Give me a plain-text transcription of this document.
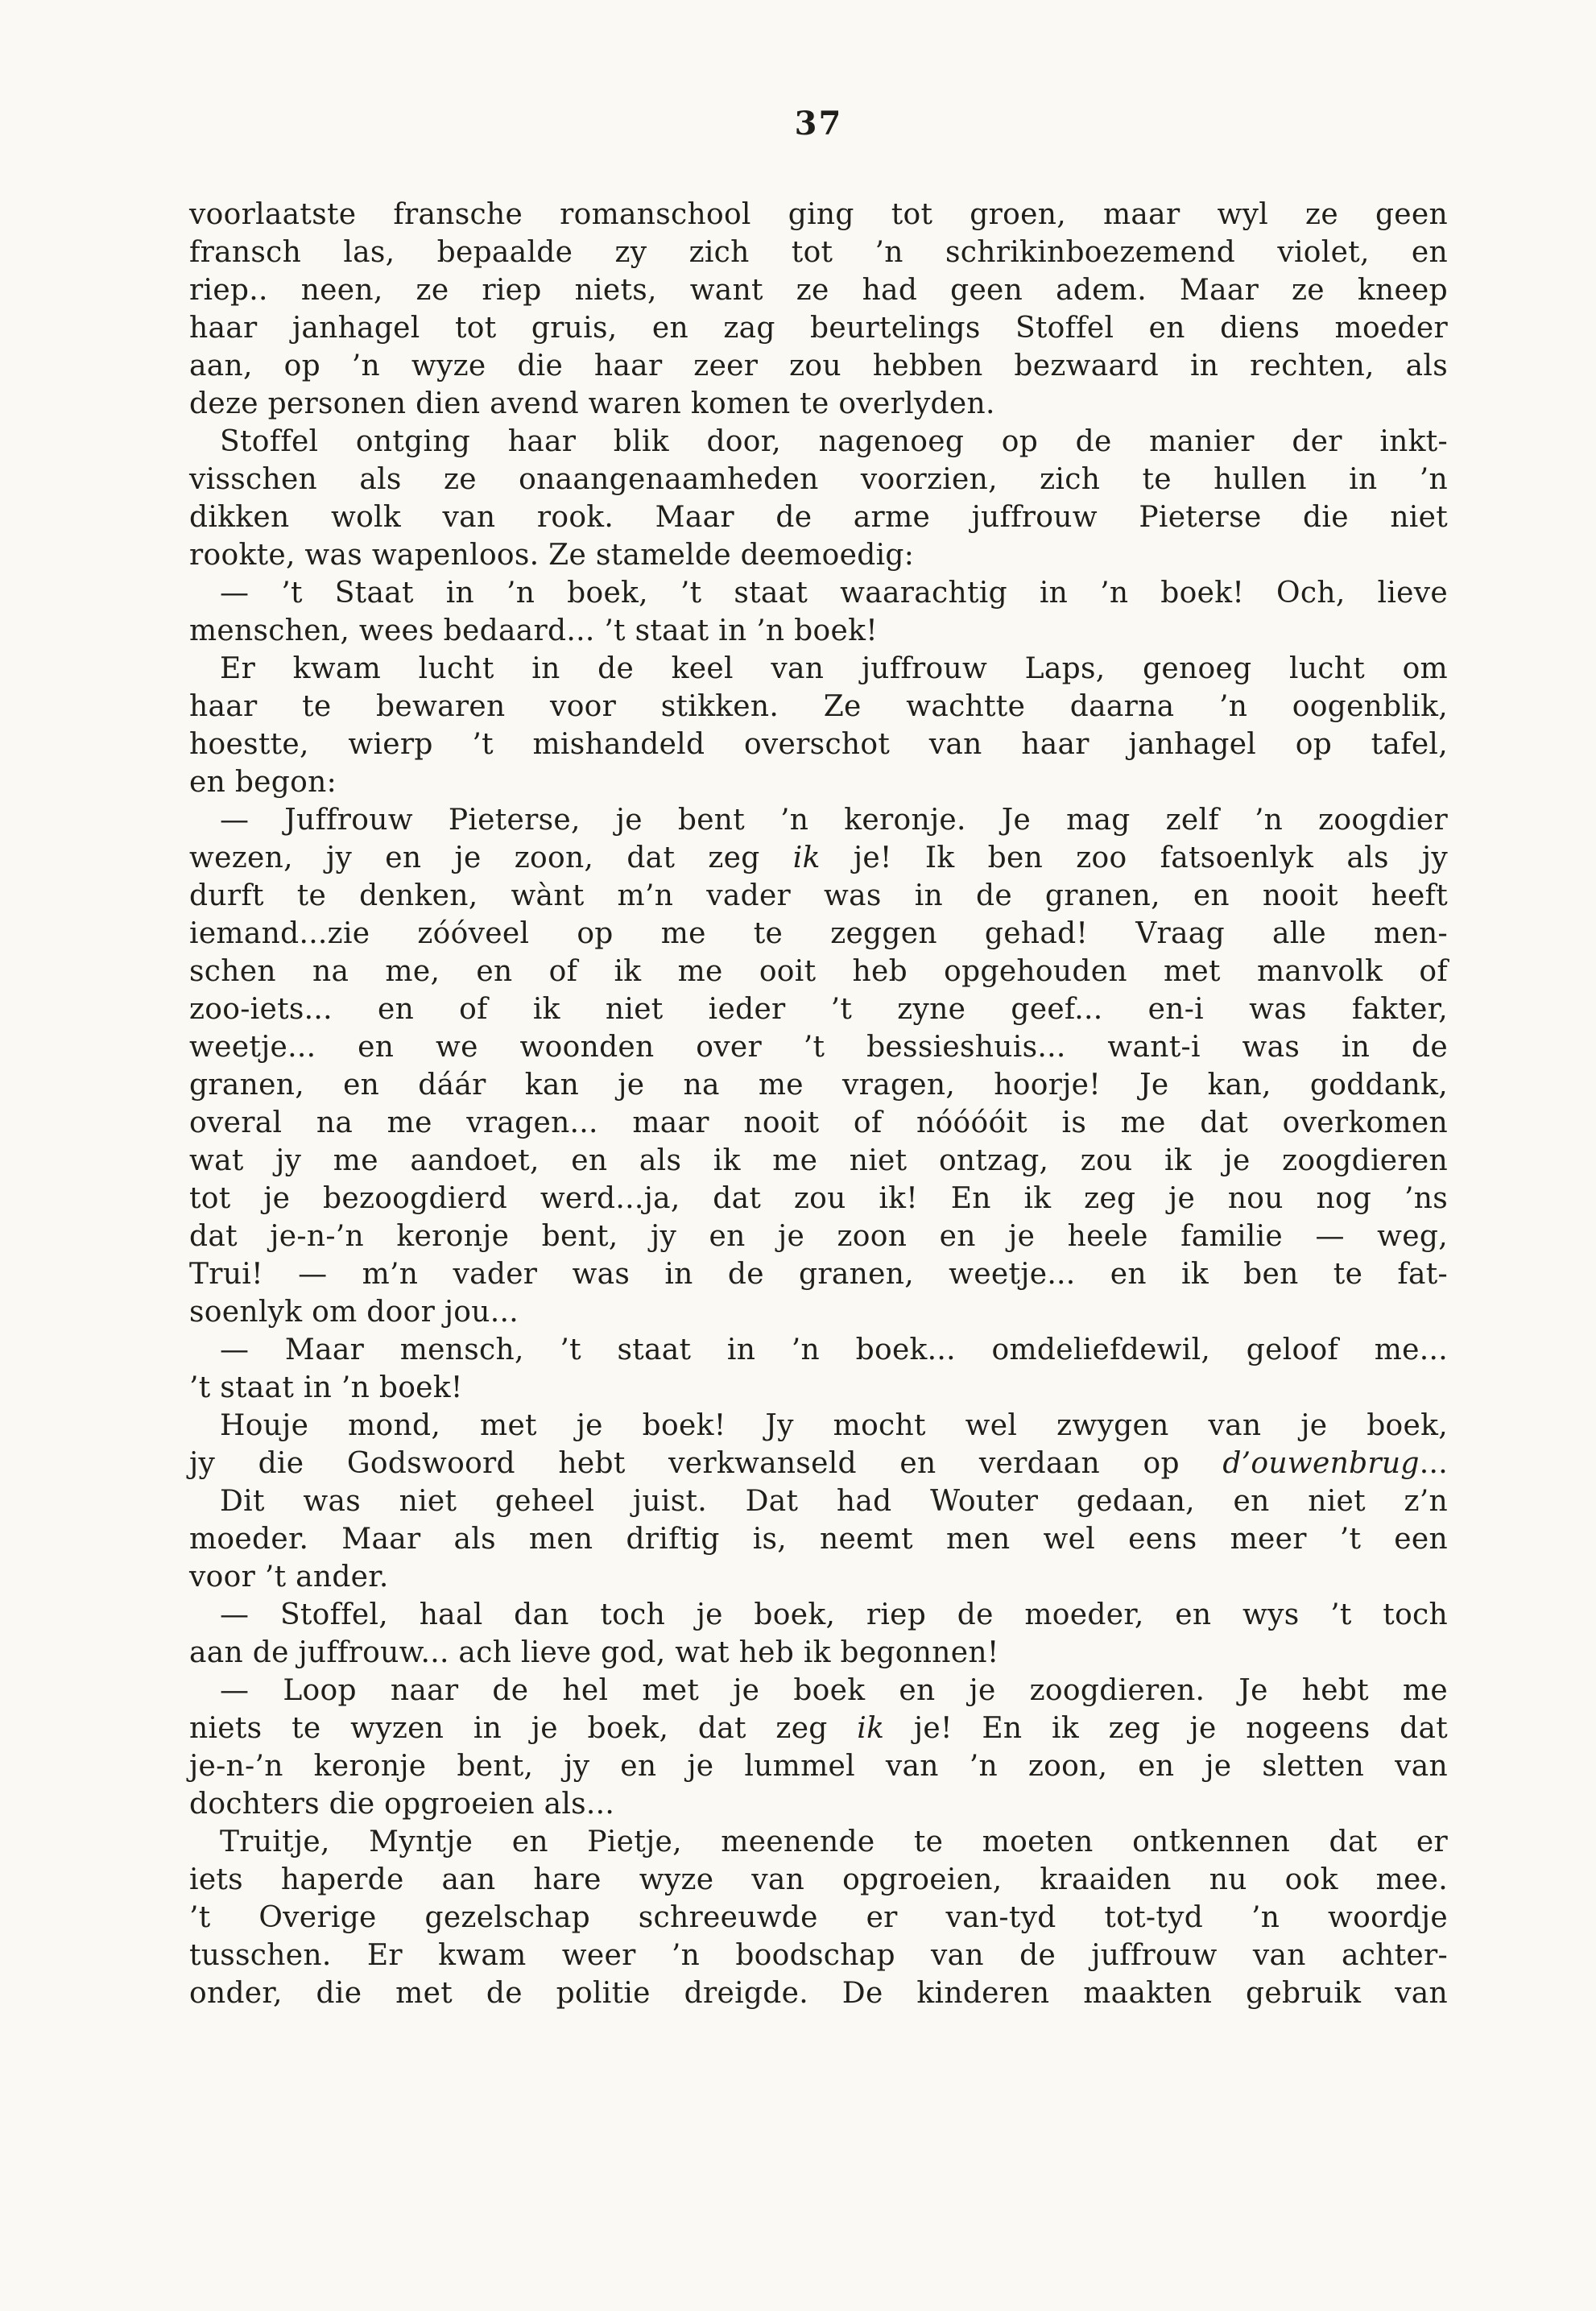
37
voorlaatste fransche romanschool ging tot groen, maar wyl ze geen
fransch las, bepaalde zy zich tot ’n schrikinboezemend violet, en
riep.. neen, ze riep niets, want ze had geen adem. Maar ze kneep
haar janhagel tot gruis, en zag beurtelings Stoffel en diens moeder
aan, op ’n wyze die haar zeer zou hebben bezwaard in rechten, als
deze personen dien avend waren komen te overlyden.
Stoffel ontging haar blik door, nagenoeg op de manier der inkt-
visschen als ze onaangenaamheden voorzien, zich te hullen in ’n
dikken wolk van rook. Maar de arme juffrouw Pieterse die niet
rookte, was wapenloos. Ze stamelde deemoedig:
— ’t Staat in ’n boek, ’t staat waarachtig in ’n boek! Och, lieve
menschen, wees bedaard... ’t staat in ’n boek!
Er kwam lucht in de keel van juffrouw Laps, genoeg lucht om
haar te bewaren voor stikken. Ze wachtte daarna ’n oogenblik,
hoestte, wierp ’t mishandeld overschot van haar janhagel op tafel,
en begon:
— Juffrouw Pieterse, je bent ’n keronje. Je mag zelf ’n zoogdier
wezen, jy en je zoon, dat zeg ik je! Ik ben zoo fatsoenlyk als jy
durft te denken, wànt m’n vader was in de granen, en nooit heeft
iemand...zie zóóveel op me te zeggen gehad! Vraag alle men-
schen na me, en of ik me ooit heb opgehouden met manvolk of
zoo-iets... en of ik niet ieder ’t zyne geef... en-i was fakter,
weetje... en we woonden over ’t bessieshuis... want-i was in de
granen, en dáár kan je na me vragen, hoorje! Je kan, goddank,
overal na me vragen... maar nooit of nóóóóit is me dat overkomen
wat jy me aandoet, en als ik me niet ontzag, zou ik je zoogdieren
tot je bezoogdierd werd...ja, dat zou ik! En ik zeg je nou nog ’ns
dat je-n-’n keronje bent, jy en je zoon en je heele familie — weg,
Trui! — m’n vader was in de granen, weetje... en ik ben te fat-
soenlyk om door jou...
— Maar mensch, ’t staat in ’n boek... omdeliefdewil, geloof me...
’t staat in ’n boek!
Houje mond, met je boek! Jy mocht wel zwygen van je boek,
jy die Godswoord hebt verkwanseld en verdaan op d’ouwenbrug...
Dit was niet geheel juist. Dat had Wouter gedaan, en niet z’n
moeder. Maar als men driftig is, neemt men wel eens meer ’t een
voor ’t ander.
— Stoffel, haal dan toch je boek, riep de moeder, en wys ’t toch
aan de juffrouw... ach lieve god, wat heb ik begonnen!
— Loop naar de hel met je boek en je zoogdieren. Je hebt me
niets te wyzen in je boek, dat zeg ik je! En ik zeg je nogeens dat
je-n-’n keronje bent, jy en je lummel van ’n zoon, en je sletten van
dochters die opgroeien als...
Truitje, Myntje en Pietje, meenende te moeten ontkennen dat er
iets haperde aan hare wyze van opgroeien, kraaiden nu ook mee.
’t Overige gezelschap schreeuwde er van-tyd tot-tyd ’n woordje
tusschen. Er kwam weer ’n boodschap van de juffrouw van achter-
onder, die met de politie dreigde. De kinderen maakten gebruik van
